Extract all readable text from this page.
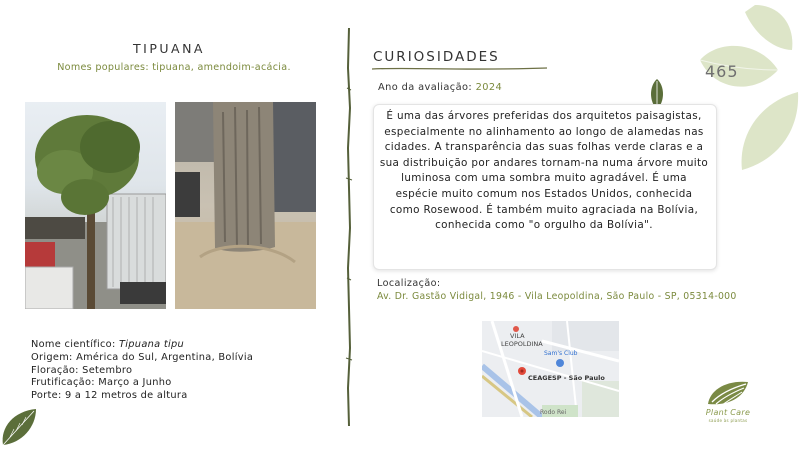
465
TIPUANA
Nomes populares: tipuana, amendoim-acácia.
Nome científico: Tipuana tipu
Origem: América do Sul, Argentina, Bolívia
Floração: Setembro
Frutificação: Março a Junho
Porte: 9 a 12 metros de altura
CURIOSIDADES
Ano da avaliação: 2024
É uma das árvores preferidas dos arquitetos paisagistas, especialmente no alinhamento ao longo de alamedas nas cidades. A transparência das suas folhas verde claras e a sua distribuição por andares tornam-na numa árvore muito luminosa com uma sombra muito agradável. É uma espécie muito comum nos Estados Unidos, conhecida como Rosewood. É também muito agraciada na Bolívia, conhecida como "o orgulho da Bolívia".
Localização:
Av. Dr. Gastão Vidigal, 1946 - Vila Leopoldina, São Paulo - SP, 05314-000
VILA
LEOPOLDINA
Sam's Club
CEAGESP - São Paulo
Rodo Rei	Plant Care
saúde às plantas
